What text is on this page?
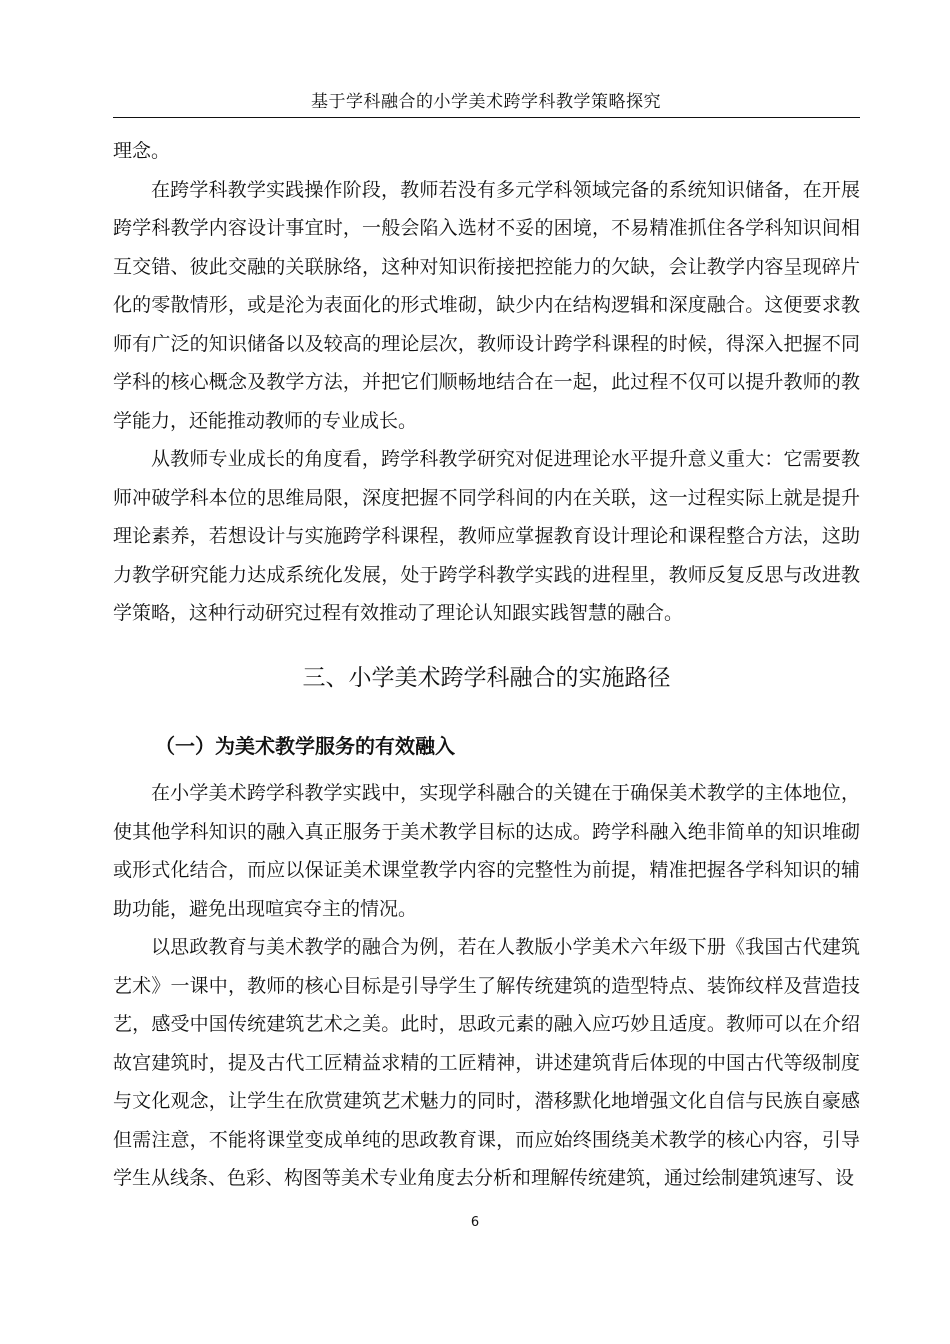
基于学科融合的小学美术跨学科教学策略探究

理念。

在跨学科教学实践操作阶段，教师若没有多元学科领域完备的系统知识储备，在开展跨学科教学内容设计事宜时，一般会陷入选材不妥的困境，不易精准抓住各学科知识间相互交错、彼此交融的关联脉络，这种对知识衔接把控能力的欠缺，会让教学内容呈现碎片化的零散情形，或是沦为表面化的形式堆砌，缺少内在结构逻辑和深度融合。这便要求教师有广泛的知识储备以及较高的理论层次，教师设计跨学科课程的时候，得深入把握不同学科的核心概念及教学方法，并把它们顺畅地结合在一起，此过程不仅可以提升教师的教学能力，还能推动教师的专业成长。

从教师专业成长的角度看，跨学科教学研究对促进理论水平提升意义重大：它需要教师冲破学科本位的思维局限，深度把握不同学科间的内在关联，这一过程实际上就是提升理论素养，若想设计与实施跨学科课程，教师应掌握教育设计理论和课程整合方法，这助力教学研究能力达成系统化发展，处于跨学科教学实践的进程里，教师反复反思与改进教学策略，这种行动研究过程有效推动了理论认知跟实践智慧的融合。

三、小学美术跨学科融合的实施路径
（一）为美术教学服务的有效融入

在小学美术跨学科教学实践中，实现学科融合的关键在于确保美术教学的主体地位，使其他学科知识的融入真正服务于美术教学目标的达成。跨学科融入绝非简单的知识堆砌或形式化结合，而应以保证美术课堂教学内容的完整性为前提，精准把握各学科知识的辅助功能，避免出现喧宾夺主的情况。

以思政教育与美术教学的融合为例，若在人教版小学美术六年级下册《我国古代建筑艺术》一课中，教师的核心目标是引导学生了解传统建筑的造型特点、装饰纹样及营造技艺，感受中国传统建筑艺术之美。此时，思政元素的融入应巧妙且适度。教师可以在介绍故宫建筑时，提及古代工匠精益求精的工匠精神，讲述建筑背后体现的中国古代等级制度与文化观念，让学生在欣赏建筑艺术魅力的同时，潜移默化地增强文化自信与民族自豪感但需注意，不能将课堂变成单纯的思政教育课，而应始终围绕美术教学的核心内容，引导学生从线条、色彩、构图等美术专业角度去分析和理解传统建筑，通过绘制建筑速写、设

6
